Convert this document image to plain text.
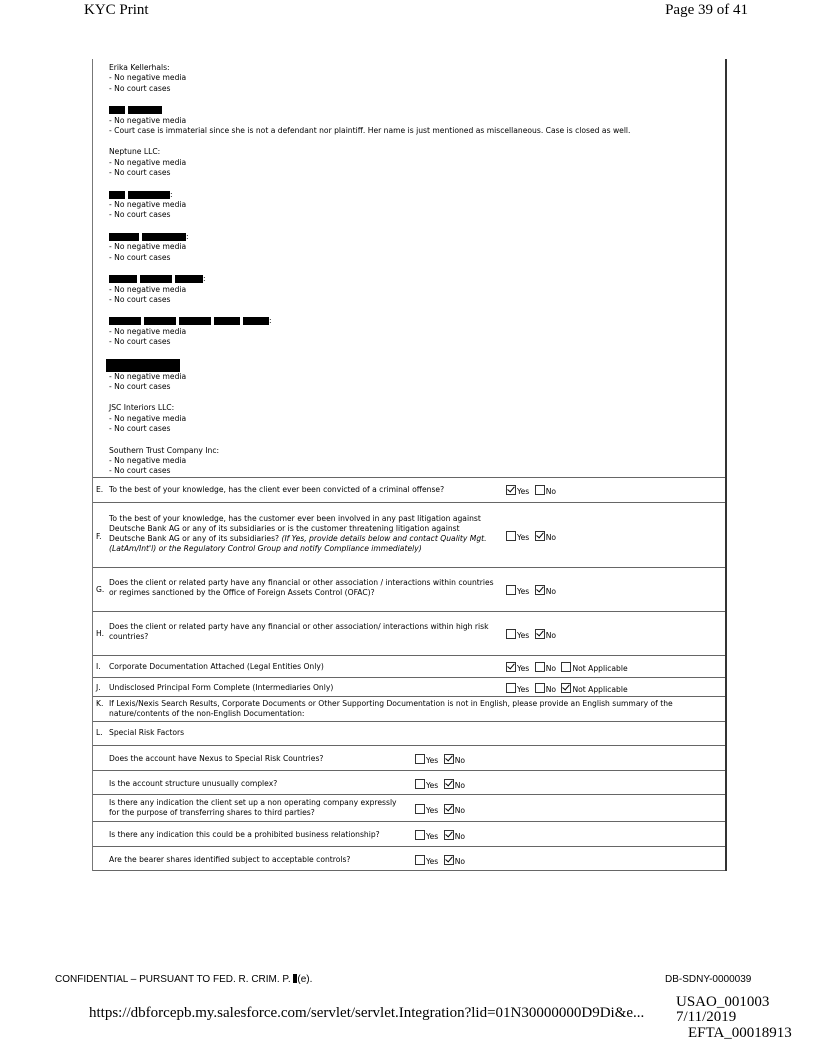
KYC Print	Page 39 of 41
Erika Kellerhals:
- No negative media
- No court cases
- No negative media
- Court case is immaterial since she is not a defendant nor plaintiff. Her name is just mentioned as miscellaneous. Case is closed as well.
Neptune LLC:
- No negative media
- No court cases
:
- No negative media
- No court cases
:
- No negative media
- No court cases
:
- No negative media
- No court cases
:
- No negative media
- No court cases
- No negative media
- No court cases
JSC Interiors LLC:
- No negative media
- No court cases
Southern Trust Company Inc:
- No negative media
- No court cases
E. To the best of your knowledge, has the client ever been convicted of a criminal offense?	Yes No
F.
To the best of your knowledge, has the customer ever been involved in any past litigation against
Deutsche Bank AG or any of its subsidiaries or is the customer threatening litigation against
Deutsche Bank AG or any of its subsidiaries? (If Yes, provide details below and contact Quality Mgt.
(LatAm/Int'l) or the Regulatory Control Group and notify Compliance immediately)
Yes No
G.
Does the client or related party have any financial or other association / interactions within countries
or regimes sanctioned by the Office of Foreign Assets Control (OFAC)?	Yes No
H.
Does the client or related party have any financial or other association/ interactions within high risk
countries?	Yes No
I. Corporate Documentation Attached (Legal Entities Only)	Yes No Not Applicable
J. Undisclosed Principal Form Complete (Intermediaries Only)	Yes No Not Applicable
K. If Lexis/Nexis Search Results, Corporate Documents or Other Supporting Documentation is not in English, please provide an English summary of the
nature/contents of the non-English Documentation:
L. Special Risk Factors
Does the account have Nexus to Special Risk Countries?	Yes No
Is the account structure unusually complex?	Yes No
Is there any indication the client set up a non operating company expressly
for the purpose of transferring shares to third parties?	Yes No
Is there any indication this could be a prohibited business relationship?	Yes No
Are the bearer shares identified subject to acceptable controls?	Yes No
CONFIDENTIAL – PURSUANT TO FED. R. CRIM. P. (e).	DB-SDNY-0000039
USAO_001003
https://dbforcepb.my.salesforce.com/servlet/servlet.Integration?lid=01N30000000D9Di&e... 7/11/2019
EFTA_00018913
